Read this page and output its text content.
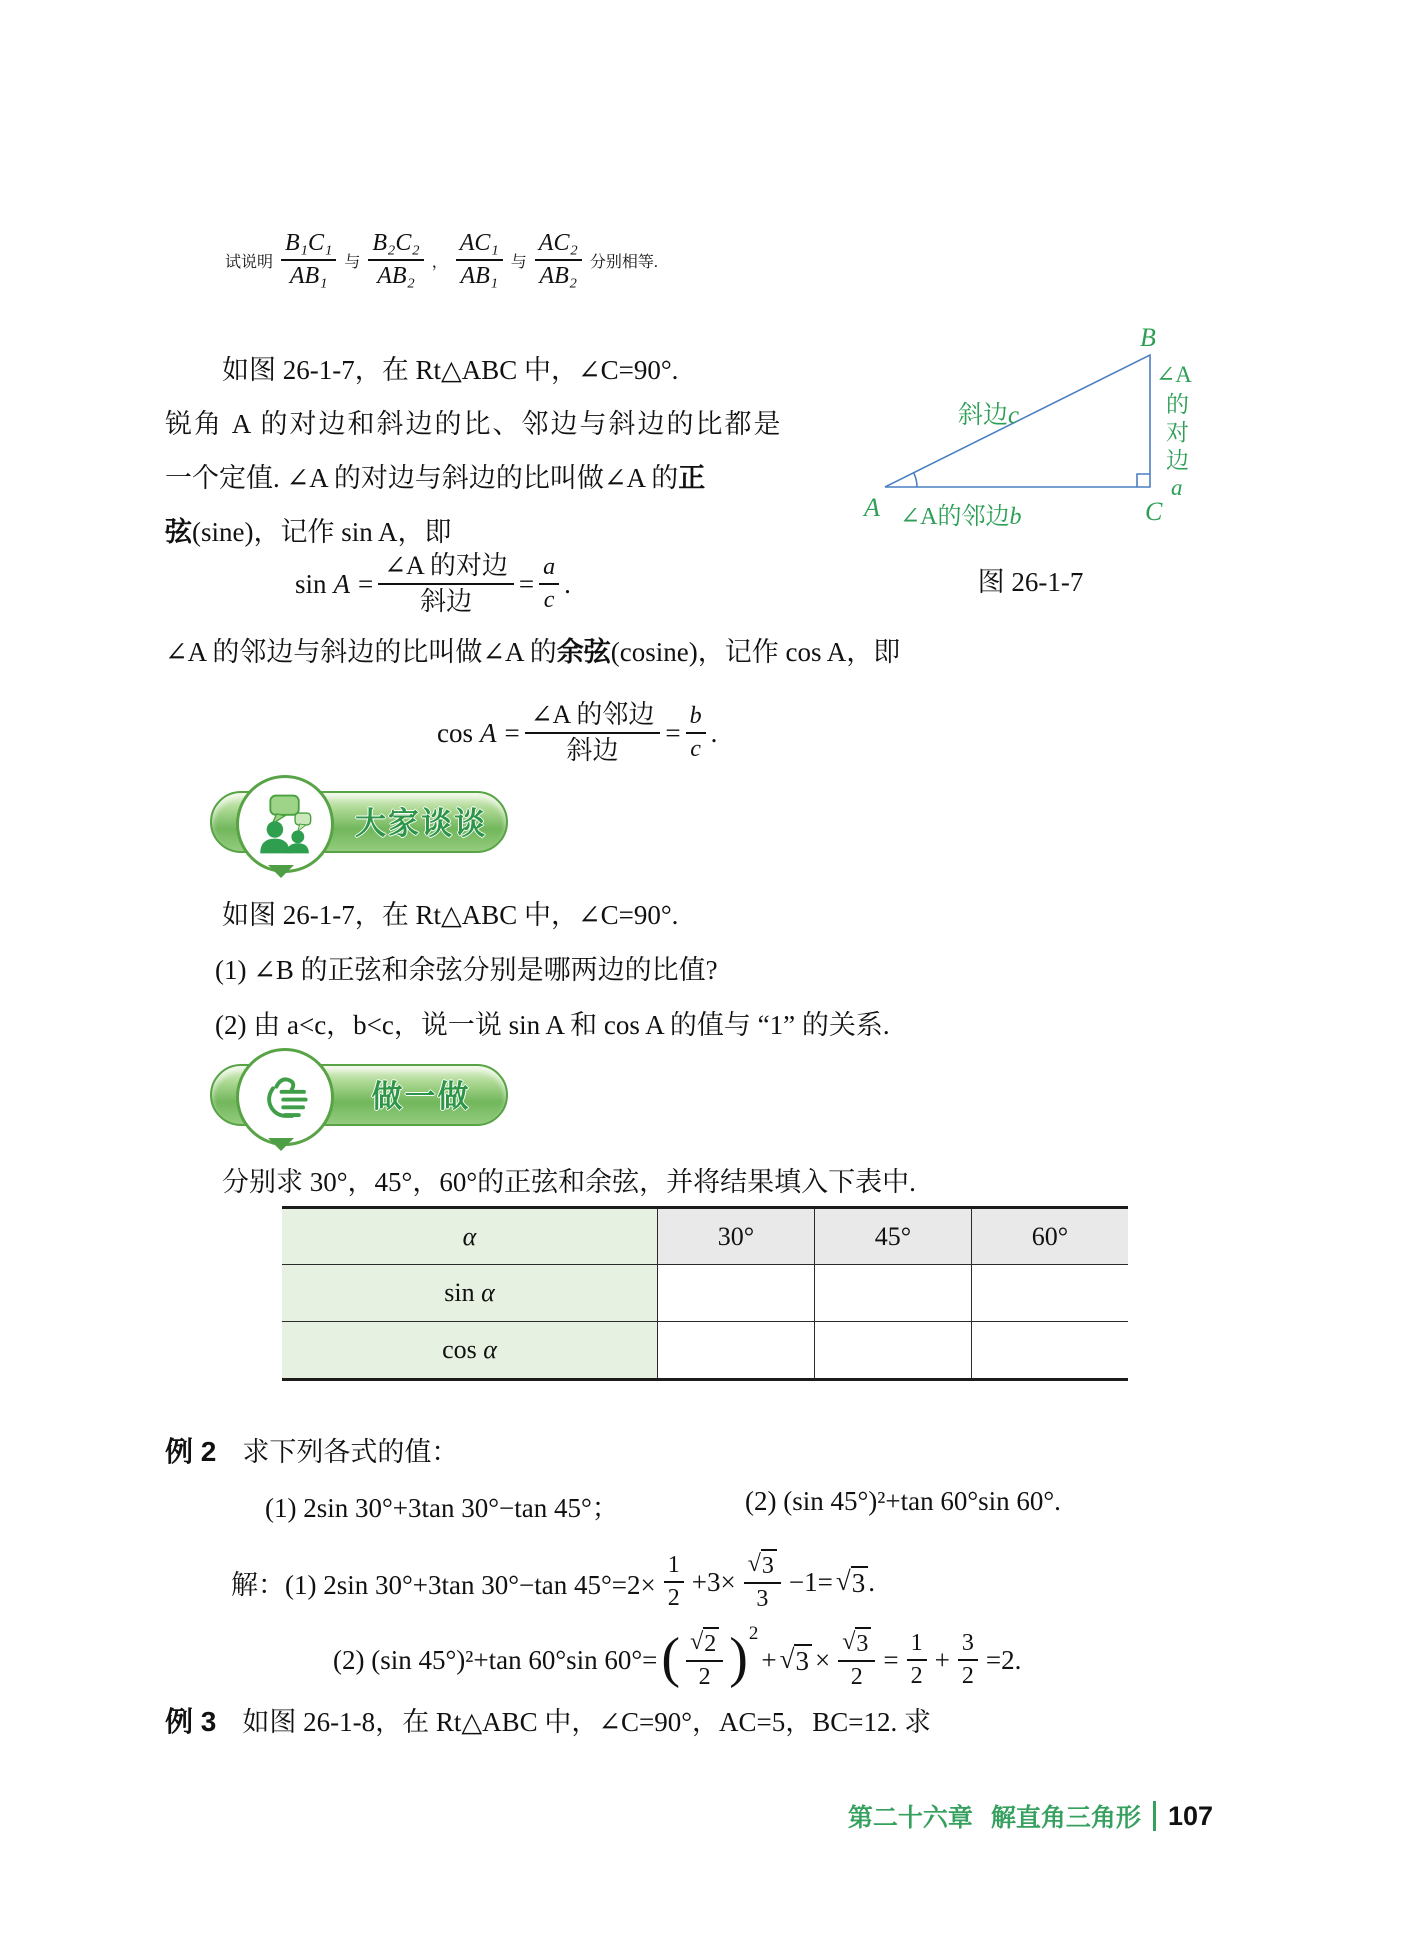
试说明 $\frac{\text{B₁C₁}}{\text{AB₁}}$ 与 $\frac{\text{B₂C₂}}{\text{AB₂}}$ ， $\frac{\text{AC₁}}{\text{AB₁}}$ 与 $\frac{\text{AC₂}}{\text{AB₂}}$ 分别相等.
如图 26-1-7，在 Rt△ABC 中，∠C=90°.
锐角 A 的对边和斜边的比、邻边与斜边的比都是
一个定值. ∠A 的对边与斜边的比叫做∠A 的正
弦(sine)，记作 sin A，即
A
B
C
斜边c
∠A 的 对 边 a
∠A的邻边b
图 26-1-7
$\sin A = \frac{\text{∠A 的对边}}{\text{斜边}} = \frac{a}{c}$ .
∠A 的邻边与斜边的比叫做∠A 的余弦(cosine)，记作 cos A，即
$\cos A = \frac{\text{∠A 的邻边}}{\text{斜边}} = \frac{b}{c}$ .
大家谈谈
如图 26-1-7，在 Rt△ABC 中，∠C=90°.
(1) ∠B 的正弦和余弦分别是哪两边的比值?
(2) 由 a<c，b<c，说一说 sin A 和 cos A 的值与 “1” 的关系.
做一做
分别求 30°，45°，60°的正弦和余弦，并将结果填入下表中.
α	30°	45°	60°
sin α			
cos α			
例 2 求下列各式的值：
(1) 2sin 30°+3tan 30°−tan 45°；	(2) (sin 45°)²+tan 60°sin 60°.
解：(1) 2sin 30°+3tan 30°−tan $45^\circ=2\times \frac{1}{2} +3\times \frac{√ 3}{3} -1=$ √ 3 .
(2) (sin 45°)²+tan 60°sin 60°= ( $\frac{√ 2}{2} )^2$
+ √ $3 \times \frac{√ 3}{2} = \frac{1}{2} + \frac{3}{2} =2$.
例 3 如图 26-1-8，在 Rt△ABC 中，∠C=90°，AC=5，BC=12. 求
第二十六章 解直角三角形 107
